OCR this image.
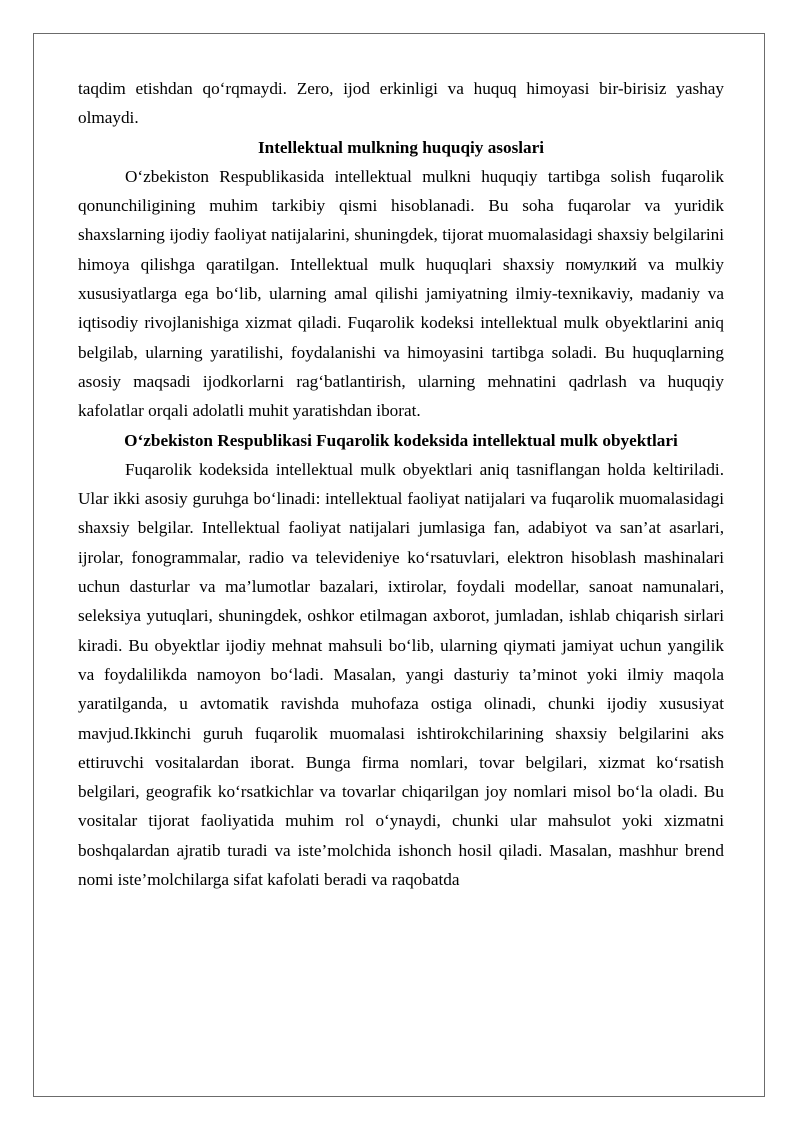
taqdim etishdan qo‘rqmaydi. Zero, ijod erkinligi va huquq himoyasi bir-birisiz yashay olmaydi.

Intellektual mulkning huquqiy asoslari

O‘zbekiston Respublikasida intellektual mulkni huquqiy tartibga solish fuqarolik qonunchiligining muhim tarkibiy qismi hisoblanadi. Bu soha fuqarolar va yuridik shaxslarning ijodiy faoliyat natijalarini, shuningdek, tijorat muomalasidagi shaxsiy belgilarini himoya qilishga qaratilgan. Intellektual mulk huquqlari shaxsiy помулкий va mulkiy xususiyatlarga ega bo‘lib, ularning amal qilishi jamiyatning ilmiy-texnikaviy, madaniy va iqtisodiy rivojlanishiga xizmat qiladi. Fuqarolik kodeksi intellektual mulk obyektlarini aniq belgilab, ularning yaratilishi, foydalanishi va himoyasini tartibga soladi. Bu huquqlarning asosiy maqsadi ijodkorlarni rag‘batlantirish, ularning mehnatini qadrlash va huquqiy kafolatlar orqali adolatli muhit yaratishdan iborat.

O‘zbekiston Respublikasi Fuqarolik kodeksida intellektual mulk obyektlari

Fuqarolik kodeksida intellektual mulk obyektlari aniq tasniflangan holda keltiriladi. Ular ikki asosiy guruhga bo‘linadi: intellektual faoliyat natijalari va fuqarolik muomalasidagi shaxsiy belgilar. Intellektual faoliyat natijalari jumlasiga fan, adabiyot va san’at asarlari, ijrolar, fonogrammalar, radio va televideniye ko‘rsatuvlari, elektron hisoblash mashinalari uchun dasturlar va ma’lumotlar bazalari, ixtirolar, foydali modellar, sanoat namunalari, seleksiya yutuqlari, shuningdek, oshkor etilmagan axborot, jumladan, ishlab chiqarish sirlari kiradi. Bu obyektlar ijodiy mehnat mahsuli bo‘lib, ularning qiymati jamiyat uchun yangilik va foydalilikda namoyon bo‘ladi. Masalan, yangi dasturiy ta’minot yoki ilmiy maqola yaratilganda, u avtomatik ravishda muhofaza ostiga olinadi, chunki ijodiy xususiyat mavjud.Ikkinchi guruh fuqarolik muomalasi ishtirokchilarining shaxsiy belgilarini aks ettiruvchi vositalardan iborat. Bunga firma nomlari, tovar belgilari, xizmat ko‘rsatish belgilari, geografik ko‘rsatkichlar va tovarlar chiqarilgan joy nomlari misol bo‘la oladi. Bu vositalar tijorat faoliyatida muhim rol o‘ynaydi, chunki ular mahsulot yoki xizmatni boshqalardan ajratib turadi va iste’molchida ishonch hosil qiladi. Masalan, mashhur brend nomi iste’molchilarga sifat kafolati beradi va raqobatda
